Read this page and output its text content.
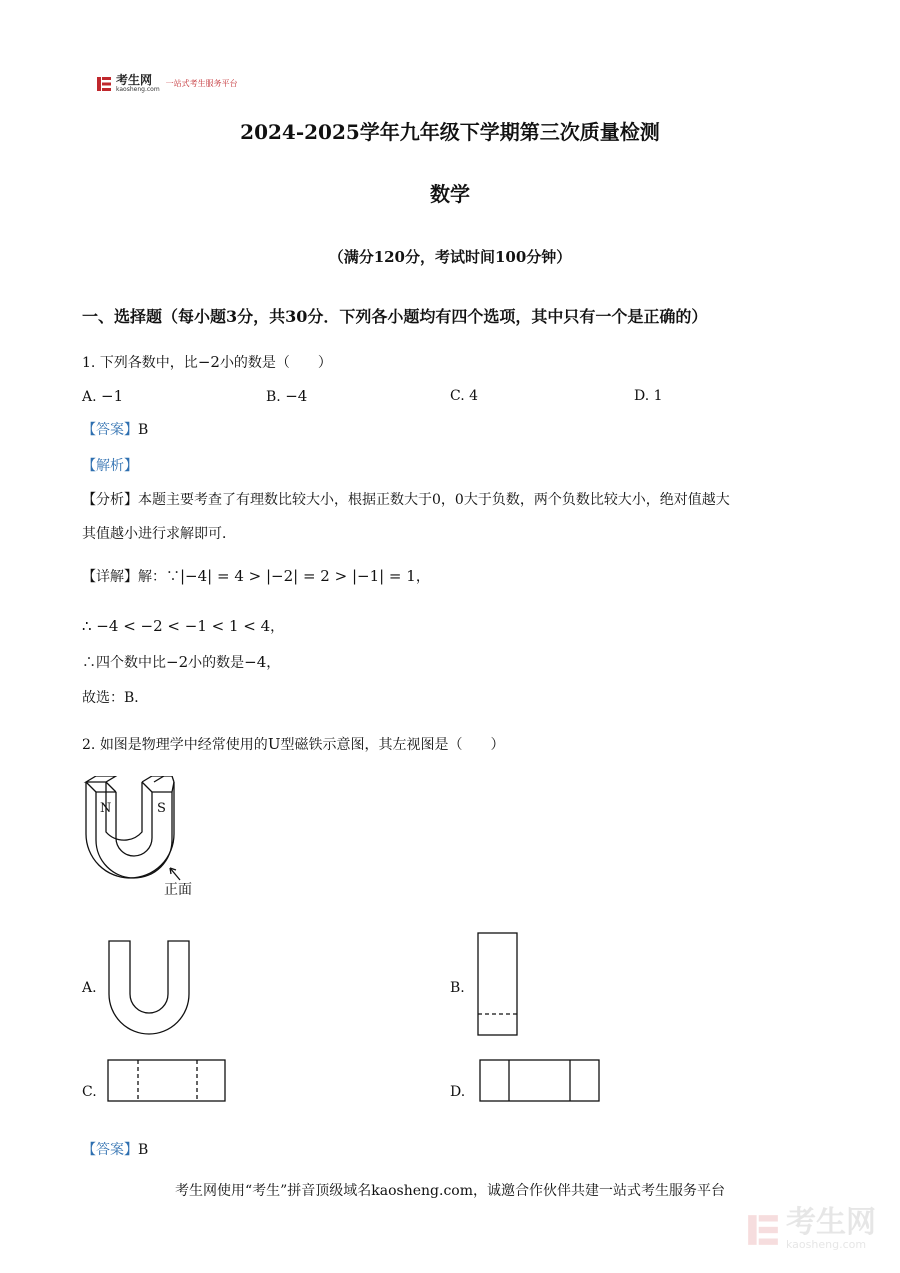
考生网
kaosheng.com
一站式考生服务平台
2024-2025学年九年级下学期第三次质量检测
数学
（满分120分，考试时间100分钟）
一、选择题（每小题3分，共30分．下列各小题均有四个选项，其中只有一个是正确的）
1. 下列各数中，比−2小的数是（　　）
A. −1	B. −4	C. 4	D. 1
【答案】B
【解析】
【分析】本题主要考查了有理数比较大小，根据正数大于0，0大于负数，两个负数比较大小，绝对值越大
其值越小进行求解即可．
【详解】解：∵|−4| = 4 > |−2| = 2 > |−1| = 1，
∴ −4 < −2 < −1 < 1 < 4，
∴四个数中比−2小的数是−4，
故选：B．
2. 如图是物理学中经常使用的U型磁铁示意图，其左视图是（　　）
N	S
正面
A.	B.
C.	D.
【答案】B
考生网使用“考生”拼音顶级域名kaosheng.com，诚邀合作伙伴共建一站式考生服务平台
考生网
kaosheng.com
